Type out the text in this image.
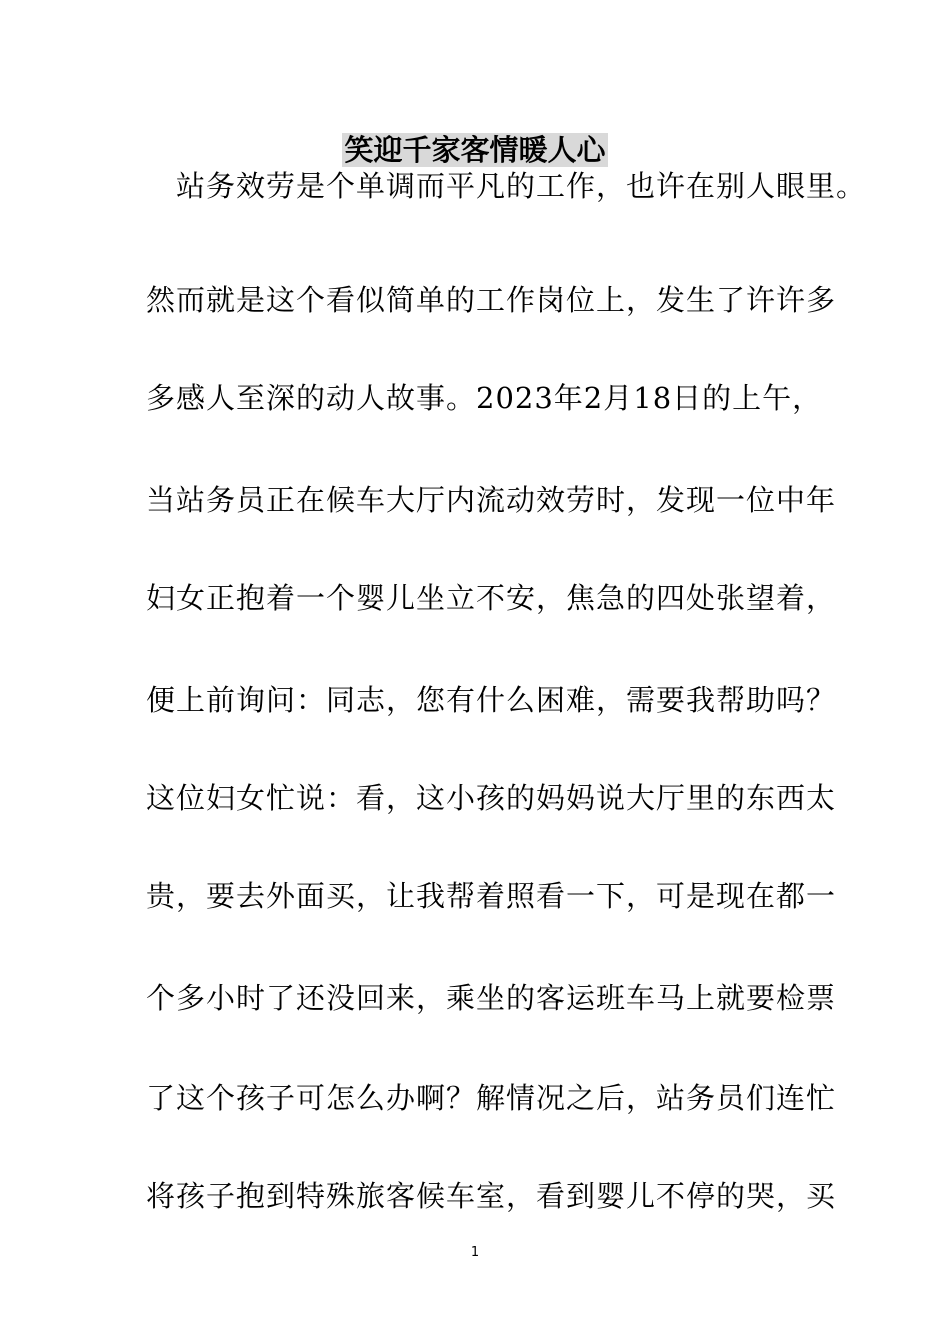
笑迎千家客情暖人心
　站务效劳是个单调而平凡的工作，也许在别人眼里。
然而就是这个看似简单的工作岗位上，发生了许许多
多感人至深的动人故事。2023年2月18日的上午，
当站务员正在候车大厅内流动效劳时，发现一位中年
妇女正抱着一个婴儿坐立不安，焦急的四处张望着，
便上前询问：同志，您有什么困难，需要我帮助吗？
这位妇女忙说：看，这小孩的妈妈说大厅里的东西太
贵，要去外面买，让我帮着照看一下，可是现在都一
个多小时了还没回来，乘坐的客运班车马上就要检票
了这个孩子可怎么办啊？解情况之后，站务员们连忙
将孩子抱到特殊旅客候车室，看到婴儿不停的哭，买
1
